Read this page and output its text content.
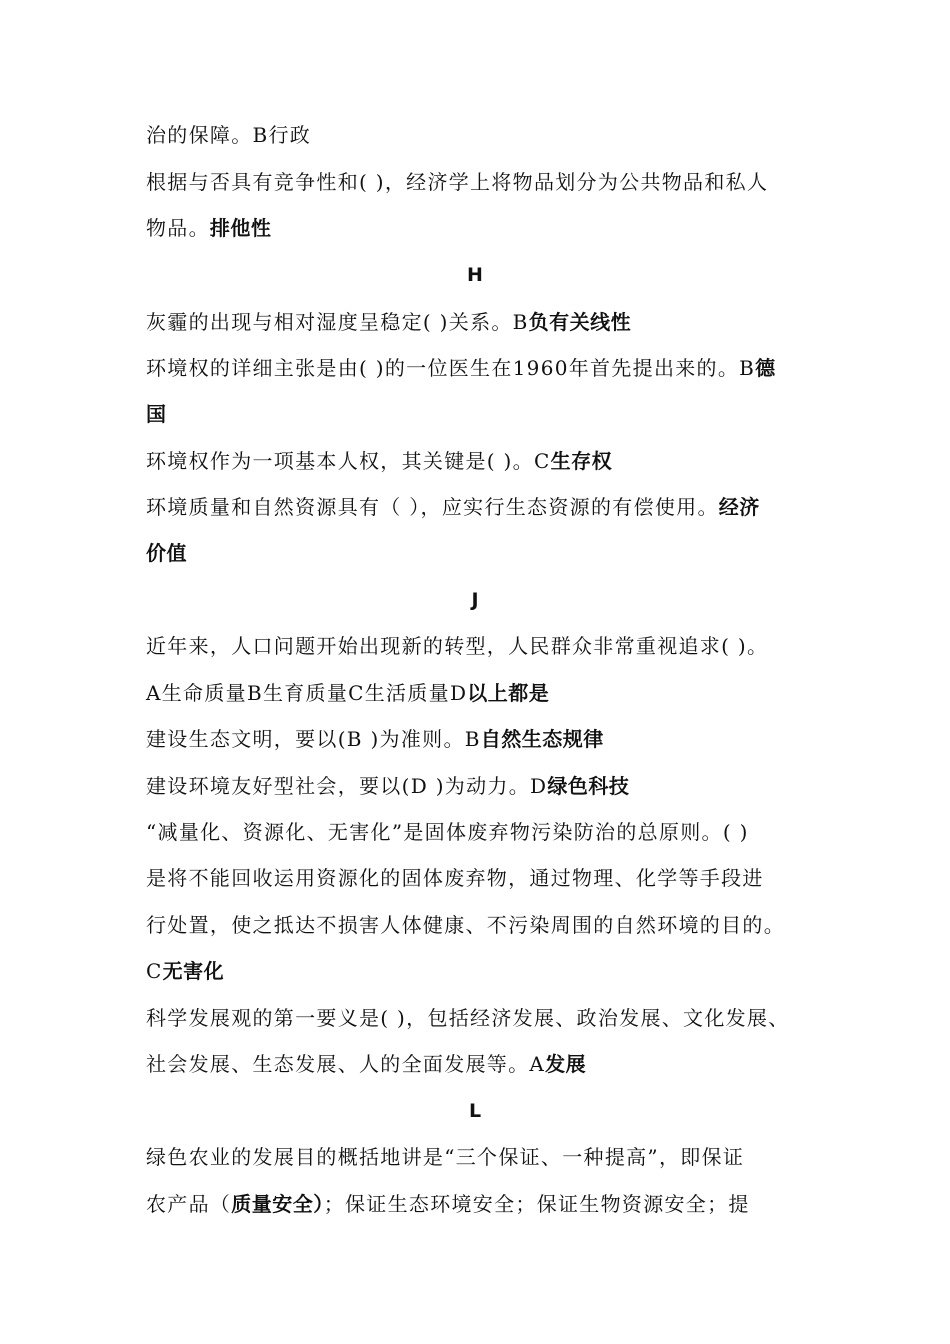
治的保障。B行政
根据与否具有竞争性和( )，经济学上将物品划分为公共物品和私人
物品。排他性
H
灰霾的出现与相对湿度呈稳定( )关系。B负有关线性
环境权的详细主张是由( )的一位医生在1960年首先提出来的。B德
国
环境权作为一项基本人权，其关键是( )。C生存权
环境质量和自然资源具有（ ），应实行生态资源的有偿使用。经济
价值
J
近年来，人口问题开始出现新的转型，人民群众非常重视追求( )。
A生命质量B生育质量C生活质量D以上都是
建设生态文明，要以(B )为准则。B自然生态规律
建设环境友好型社会，要以(D )为动力。D绿色科技
“减量化、资源化、无害化”是固体废弃物污染防治的总原则。( )
是将不能回收运用资源化的固体废弃物，通过物理、化学等手段进
行处置，使之抵达不损害人体健康、不污染周围的自然环境的目的。
C无害化
科学发展观的第一要义是( )，包括经济发展、政治发展、文化发展、
社会发展、生态发展、人的全面发展等。A发展
L
绿色农业的发展目的概括地讲是“三个保证、一种提高”，即保证
农产品（质量安全）；保证生态环境安全；保证生物资源安全；提
